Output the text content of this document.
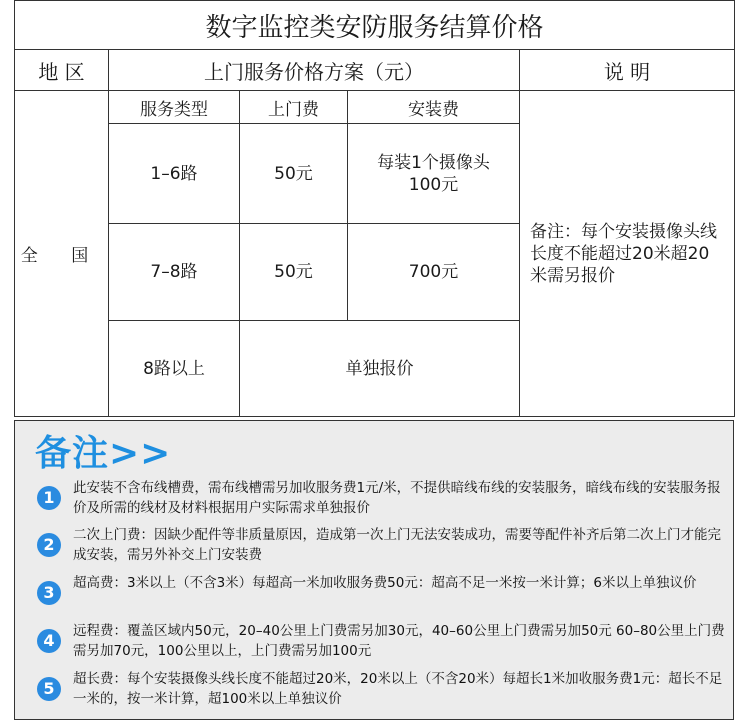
数字监控类安防服务结算价格				
地 区	上门服务价格方案（元）			说 明
全 国	服务类型	上门费	安装费	备注：每个安装摄像头线长度不能超过20米超20米需另报价
	1–6路	50元	每装1个摄像头
100元	

	7–8路	50元	700元	
	8路以上	单独报价		
备注>>
1	此安装不含布线槽费，需布线槽需另加收服务费1元/米，不提供暗线布线的安装服务，暗线布线的安装服务报价及所需的线材及材料根据用户实际需求单独报价
2	二次上门费：因缺少配件等非质量原因，造成第一次上门无法安装成功，需要等配件补齐后第二次上门才能完成安装，需另外补交上门安装费
3	超高费：3米以上（不含3米）每超高一米加收服务费50元：超高不足一米按一米计算；6米以上单独议价
4	远程费：覆盖区域内50元，20–40公里上门费需另加30元，40–60公里上门费需另加50元 60–80公里上门费需另加70元，100公里以上，上门费需另加100元
5	超长费：每个安装摄像头线长度不能超过20米，20米以上（不含20米）每超长1米加收服务费1元：超长不足一米的，按一米计算，超100米以上单独议价
